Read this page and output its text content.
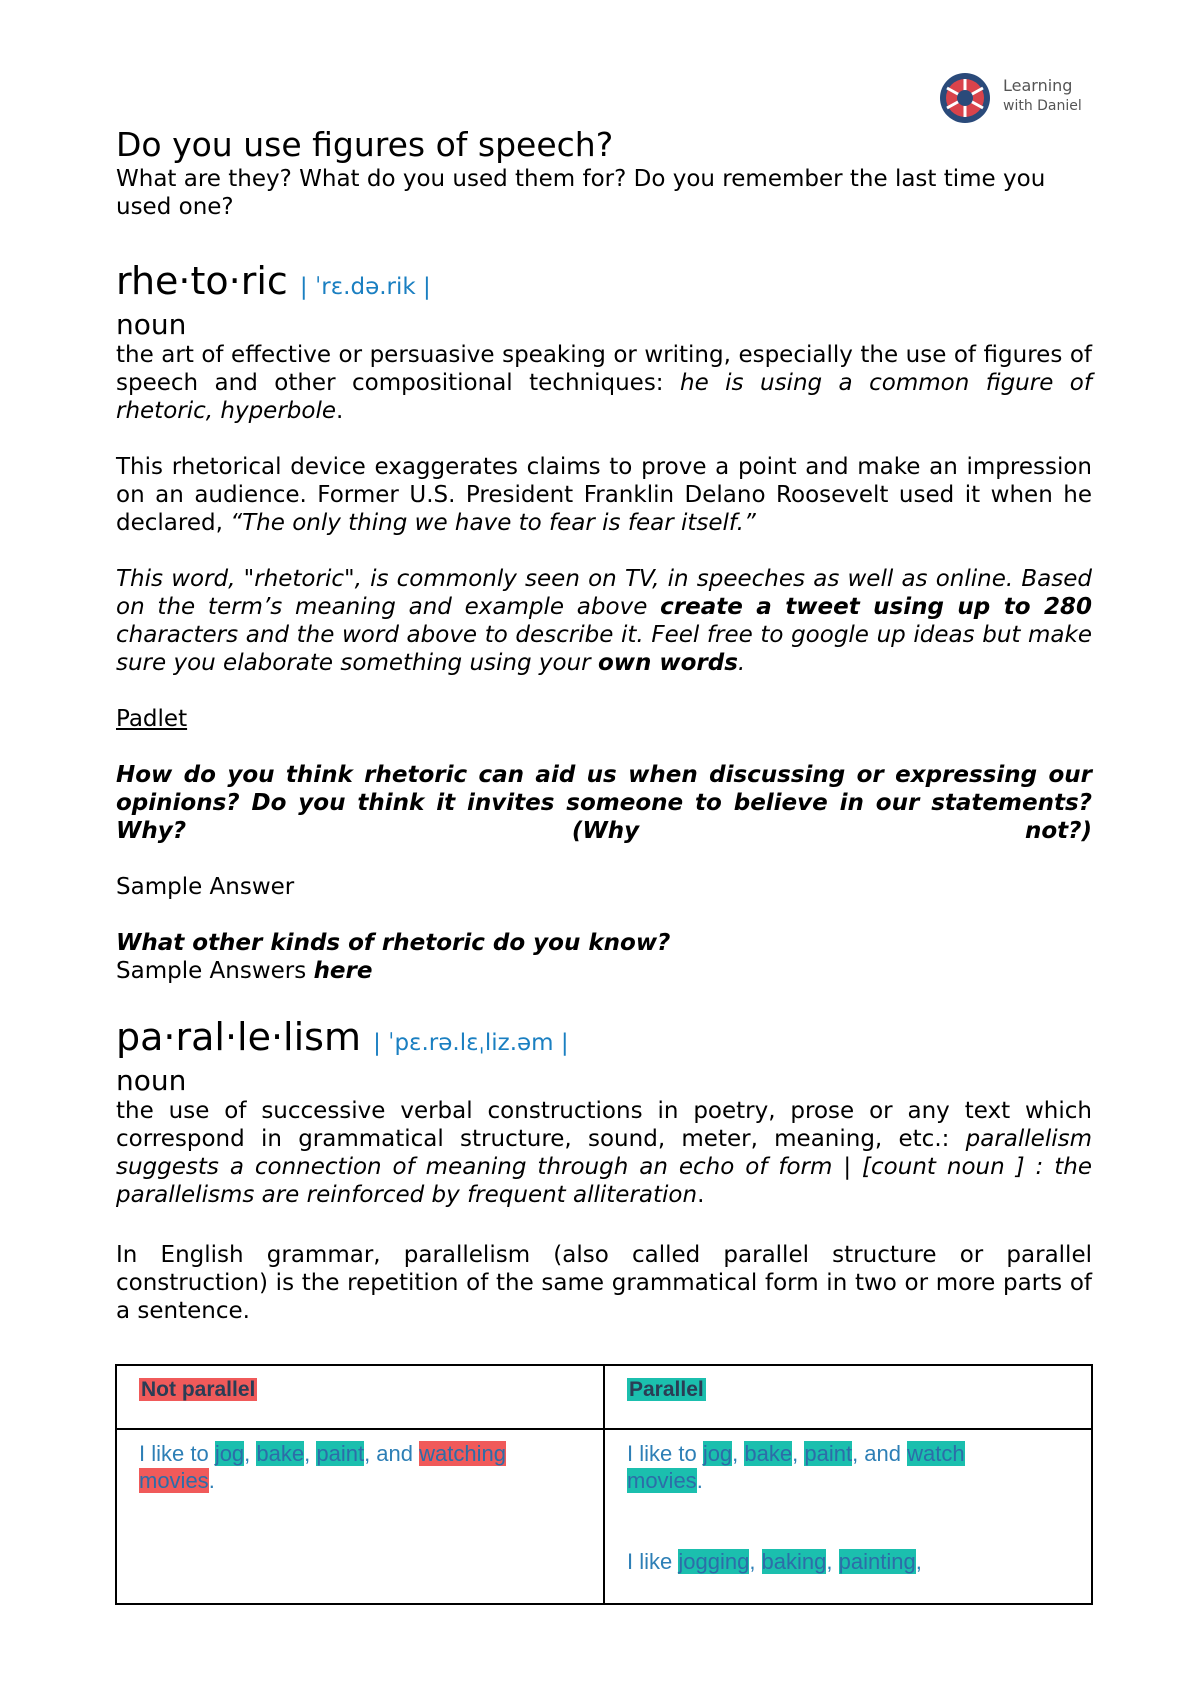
Learning
with Daniel
Do you use figures of speech?

What are they? What do you used them for? Do you remember the last time you used one?

rhe·to·ric | ˈrɛ.də.rik |

noun

the art of effective or persuasive speaking or writing, especially the use of figures of speech and other compositional techniques: he is using a common figure of rhetoric, hyperbole.

This rhetorical device exaggerates claims to prove a point and make an impression on an audience. Former U.S. President Franklin Delano Roosevelt used it when he declared, “The only thing we have to fear is fear itself.”

This word, "rhetoric", is commonly seen on TV, in speeches as well as online. Based on the term’s meaning and example above create a tweet using up to 280 characters and the word above to describe it. Feel free to google up ideas but make sure you elaborate something using your own words.

Padlet

How do you think rhetoric can aid us when discussing or expressing our opinions? Do you think it invites someone to believe in our statements? Why?	(Why	not?)

Sample Answer

What other kinds of rhetoric do you know?

Sample Answers here

pa·ral·le·lism | ˈpɛ.rə.lɛˌliz.əm |

noun

the use of successive verbal constructions in poetry, prose or any text which correspond in grammatical structure, sound, meter, meaning, etc.: parallelism suggests a connection of meaning through an echo of form | [count noun ] : the parallelisms are reinforced by frequent alliteration.

In English grammar, parallelism (also called parallel structure or parallel construction) is the repetition of the same grammatical form in two or more parts of a sentence.

Not parallel	Parallel
I like to jog, bake, paint, and watching
movies.	I like to jog, bake, paint, and watch
movies.
I like jogging, baking, painting,
